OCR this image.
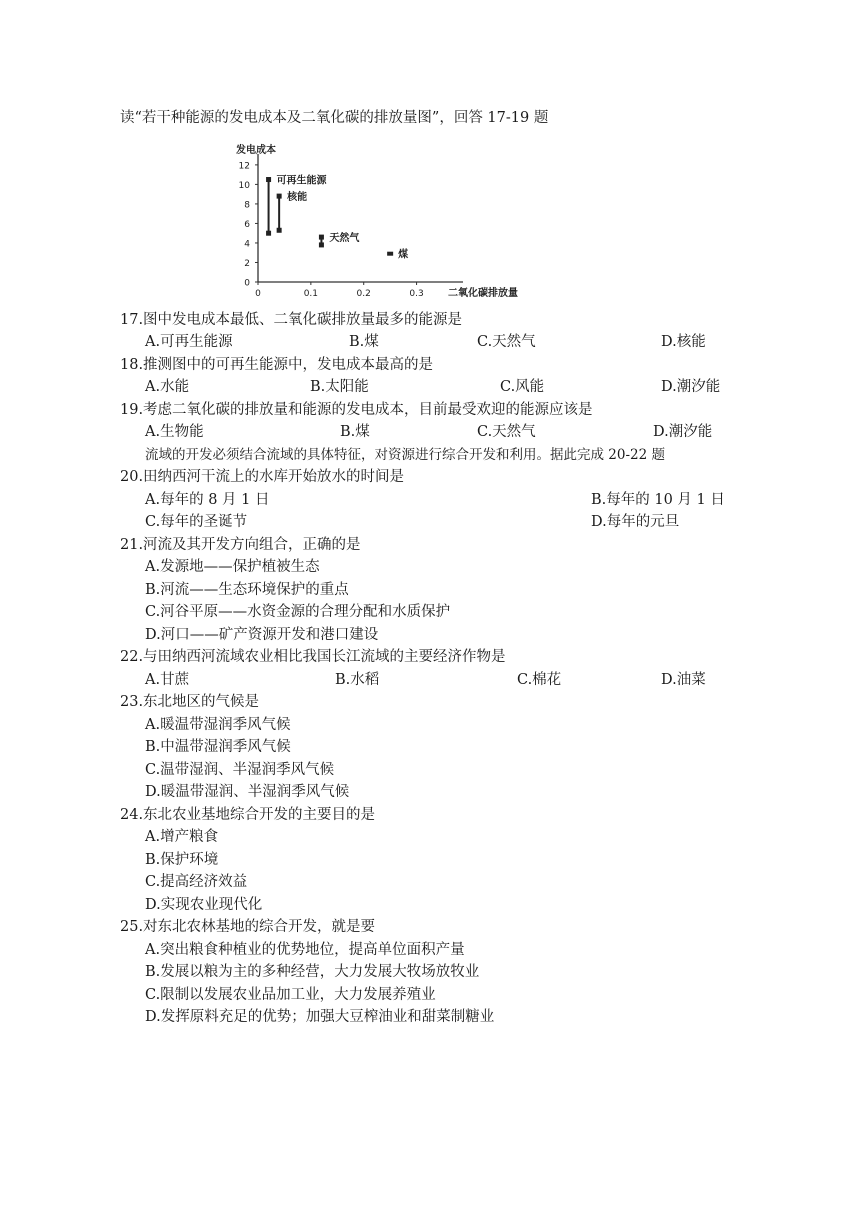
读“若干种能源的发电成本及二氧化碳的排放量图”，回答 17-19 题
0
2
4
6
8
10
12
0	0.1	0.2	0.3
发电成本
二氧化碳排放量
可再生能源
核能
天然气
煤
17.图中发电成本最低、二氧化碳排放量最多的能源是
A.可再生能源	B.煤	C.天然气	D.核能
18.推测图中的可再生能源中，发电成本最高的是
A.水能	B.太阳能	C.风能	D.潮汐能
19.考虑二氧化碳的排放量和能源的发电成本，目前最受欢迎的能源应该是
A.生物能	B.煤	C.天然气	D.潮汐能
流域的开发必须结合流域的具体特征，对资源进行综合开发和利用。据此完成 20-22 题
20.田纳西河干流上的水库开始放水的时间是
A.每年的 8 月 1 日	B.每年的 10 月 1 日
C.每年的圣诞节	D.每年的元旦
21.河流及其开发方向组合，正确的是
A.发源地——保护植被生态
B.河流——生态环境保护的重点
C.河谷平原——水资金源的合理分配和水质保护
D.河口——矿产资源开发和港口建设
22.与田纳西河流域农业相比我国长江流域的主要经济作物是
A.甘蔗	B.水稻	C.棉花	D.油菜
23.东北地区的气候是
A.暖温带湿润季风气候
B.中温带湿润季风气候
C.温带湿润、半湿润季风气候
D.暖温带湿润、半湿润季风气候
24.东北农业基地综合开发的主要目的是
A.增产粮食
B.保护环境
C.提高经济效益
D.实现农业现代化
25.对东北农林基地的综合开发，就是要
A.突出粮食种植业的优势地位，提高单位面积产量
B.发展以粮为主的多种经营，大力发展大牧场放牧业
C.限制以发展农业品加工业，大力发展养殖业
D.发挥原料充足的优势；加强大豆榨油业和甜菜制糖业
